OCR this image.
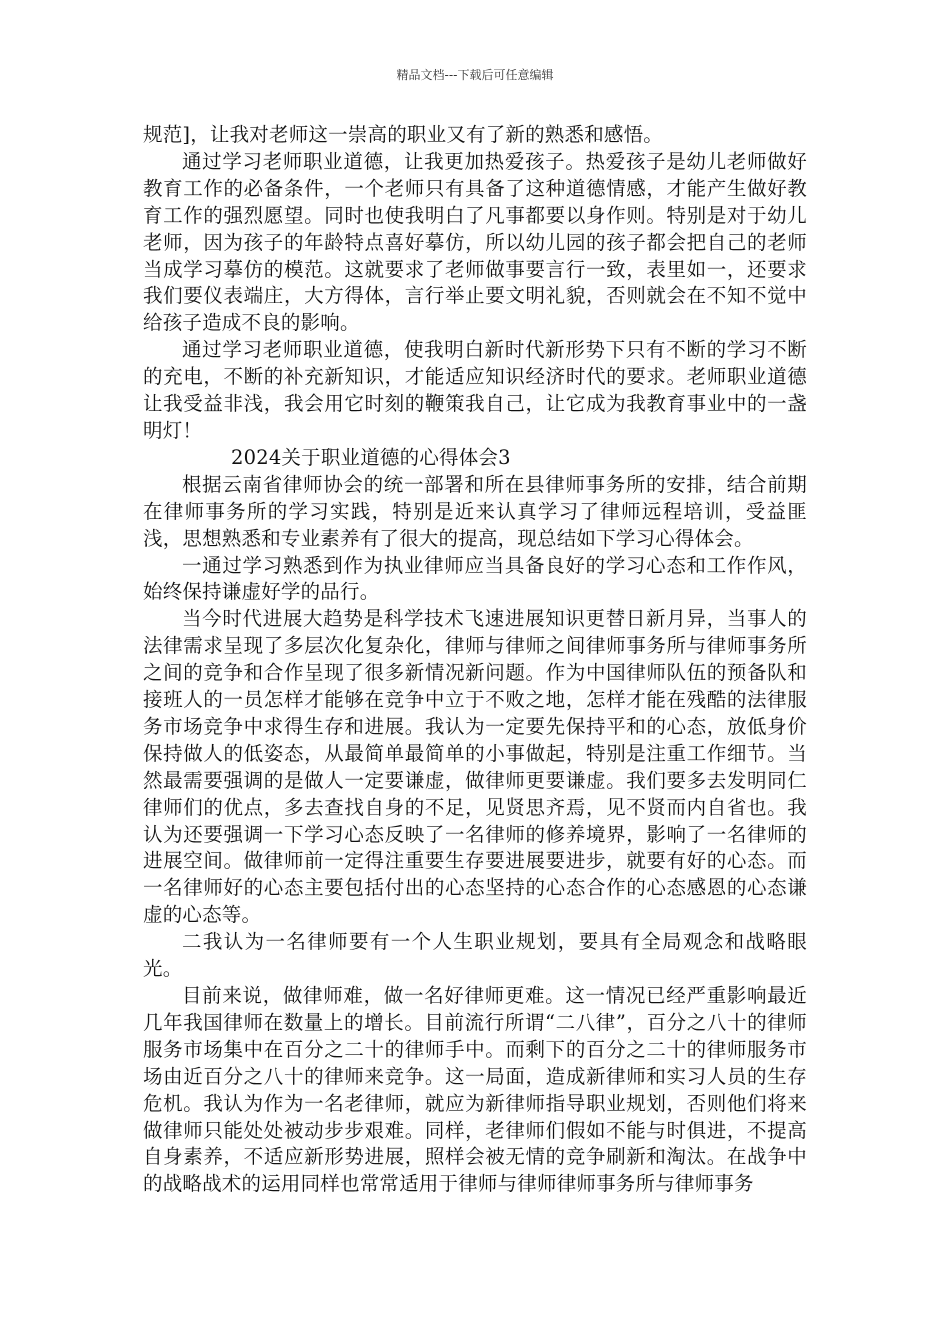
精品文档---下载后可任意编辑

规范]，让我对老师这一崇高的职业又有了新的熟悉和感悟。

通过学习老师职业道德，让我更加热爱孩子。热爱孩子是幼儿老师做好教育工作的必备条件，一个老师只有具备了这种道德情感，才能产生做好教育工作的强烈愿望。同时也使我明白了凡事都要以身作则。特别是对于幼儿老师，因为孩子的年龄特点喜好摹仿，所以幼儿园的孩子都会把自己的老师当成学习摹仿的模范。这就要求了老师做事要言行一致，表里如一，还要求我们要仪表端庄，大方得体，言行举止要文明礼貌，否则就会在不知不觉中给孩子造成不良的影响。

通过学习老师职业道德，使我明白新时代新形势下只有不断的学习不断的充电，不断的补充新知识，才能适应知识经济时代的要求。老师职业道德让我受益非浅，我会用它时刻的鞭策我自己，让它成为我教育事业中的一盏明灯！

2024关于职业道德的心得体会3

根据云南省律师协会的统一部署和所在县律师事务所的安排，结合前期在律师事务所的学习实践，特别是近来认真学习了律师远程培训，受益匪浅，思想熟悉和专业素养有了很大的提高，现总结如下学习心得体会。

一通过学习熟悉到作为执业律师应当具备良好的学习心态和工作作风，始终保持谦虚好学的品行。

当今时代进展大趋势是科学技术飞速进展知识更替日新月异，当事人的法律需求呈现了多层次化复杂化，律师与律师之间律师事务所与律师事务所之间的竞争和合作呈现了很多新情况新问题。作为中国律师队伍的预备队和接班人的一员怎样才能够在竞争中立于不败之地，怎样才能在残酷的法律服务市场竞争中求得生存和进展。我认为一定要先保持平和的心态，放低身价保持做人的低姿态，从最简单最简单的小事做起，特别是注重工作细节。当然最需要强调的是做人一定要谦虚，做律师更要谦虚。我们要多去发明同仁律师们的优点，多去查找自身的不足，见贤思齐焉，见不贤而内自省也。我认为还要强调一下学习心态反映了一名律师的修养境界，影响了一名律师的进展空间。做律师前一定得注重要生存要进展要进步，就要有好的心态。而一名律师好的心态主要包括付出的心态坚持的心态合作的心态感恩的心态谦虚的心态等。

二我认为一名律师要有一个人生职业规划，要具有全局观念和战略眼光。

目前来说，做律师难，做一名好律师更难。这一情况已经严重影响最近几年我国律师在数量上的增长。目前流行所谓“二八律”，百分之八十的律师服务市场集中在百分之二十的律师手中。而剩下的百分之二十的律师服务市场由近百分之八十的律师来竞争。这一局面，造成新律师和实习人员的生存危机。我认为作为一名老律师，就应为新律师指导职业规划，否则他们将来做律师只能处处被动步步艰难。同样，老律师们假如不能与时俱进，不提高自身素养，不适应新形势进展，照样会被无情的竞争刷新和淘汰。在战争中的战略战术的运用同样也常常适用于律师与律师律师事务所与律师事务
